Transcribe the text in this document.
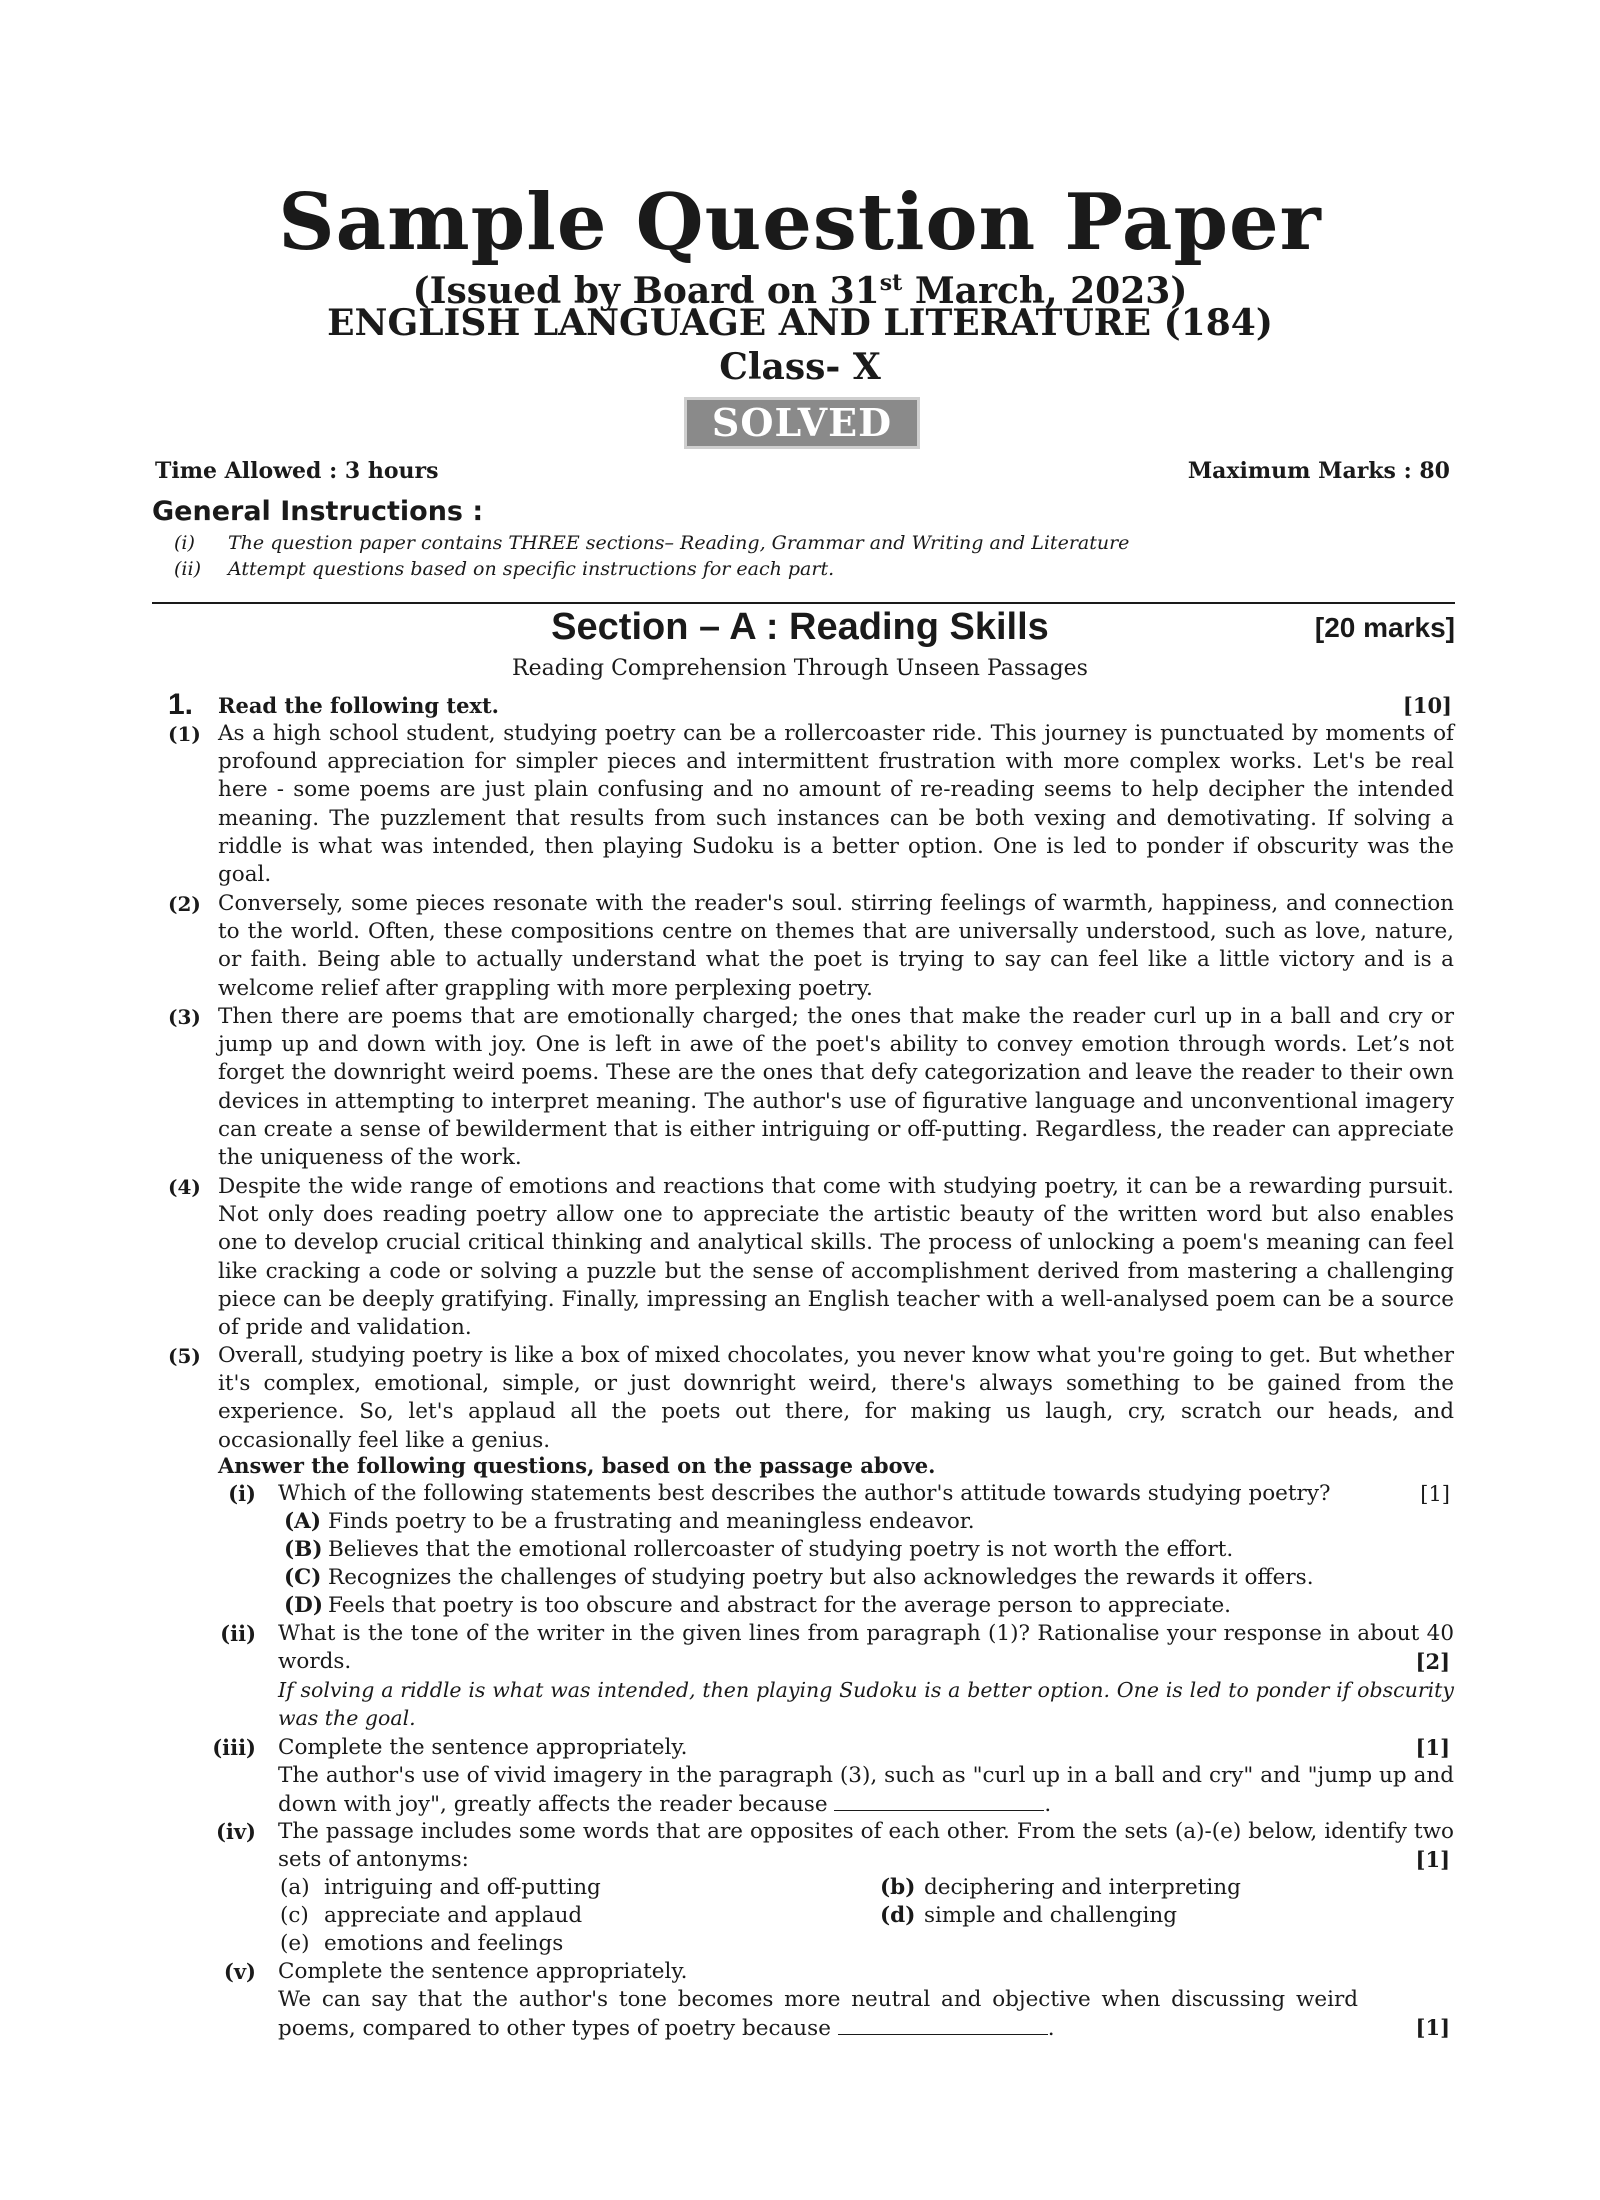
Sample Question Paper
(Issued by Board on 31st March, 2023)
ENGLISH LANGUAGE AND LITERATURE (184)
Class- X
SOLVED
Time Allowed : 3 hours	Maximum Marks : 80
General Instructions :
(i) The question paper contains THREE sections– Reading, Grammar and Writing and Literature
(ii) Attempt questions based on specific instructions for each part.
Section – A : Reading Skills	[20 marks]
Reading Comprehension Through Unseen Passages
1. Read the following text.	[10]
(1) As a high school student, studying poetry can be a rollercoaster ride. This journey is punctuated by moments of profound appreciation for simpler pieces and intermittent frustration with more complex works. Let's be real here - some poems are just plain confusing and no amount of re-reading seems to help decipher the intended meaning. The puzzlement that results from such instances can be both vexing and demotivating. If solving a riddle is what was intended, then playing Sudoku is a better option. One is led to ponder if obscurity was the goal.
(2) Conversely, some pieces resonate with the reader's soul. stirring feelings of warmth, happiness, and connection to the world. Often, these compositions centre on themes that are universally understood, such as love, nature, or faith. Being able to actually understand what the poet is trying to say can feel like a little victory and is a welcome relief after grappling with more perplexing poetry.
(3) Then there are poems that are emotionally charged; the ones that make the reader curl up in a ball and cry or jump up and down with joy. One is left in awe of the poet's ability to convey emotion through words. Let’s not forget the downright weird poems. These are the ones that defy categorization and leave the reader to their own devices in attempting to interpret meaning. The author's use of figurative language and unconventional imagery can create a sense of bewilderment that is either intriguing or off-putting. Regardless, the reader can appreciate the uniqueness of the work.
(4) Despite the wide range of emotions and reactions that come with studying poetry, it can be a rewarding pursuit. Not only does reading poetry allow one to appreciate the artistic beauty of the written word but also enables one to develop crucial critical thinking and analytical skills. The process of unlocking a poem's meaning can feel like cracking a code or solving a puzzle but the sense of accomplishment derived from mastering a challenging piece can be deeply gratifying. Finally, impressing an English teacher with a well-analysed poem can be a source of pride and validation.
(5) Overall, studying poetry is like a box of mixed chocolates, you never know what you're going to get. But whether it's complex, emotional, simple, or just downright weird, there's always something to be gained from the experience. So, let's applaud all the poets out there, for making us laugh, cry, scratch our heads, and occasionally feel like a genius.
Answer the following questions, based on the passage above.
(i) Which of the following statements best describes the author's attitude towards studying poetry?	[1]
(A) Finds poetry to be a frustrating and meaningless endeavor.
(B) Believes that the emotional rollercoaster of studying poetry is not worth the effort.
(C) Recognizes the challenges of studying poetry but also acknowledges the rewards it offers.
(D) Feels that poetry is too obscure and abstract for the average person to appreciate.
(ii) What is the tone of the writer in the given lines from paragraph (1)? Rationalise your response in about 40 words.	[2]
If solving a riddle is what was intended, then playing Sudoku is a better option. One is led to ponder if obscurity was the goal.
(iii) Complete the sentence appropriately.	[1]
The author's use of vivid imagery in the paragraph (3), such as "curl up in a ball and cry" and "jump up and down with joy", greatly affects the reader because	.
(iv) The passage includes some words that are opposites of each other. From the sets (a)-(e) below, identify two sets of antonyms:	[1]
(a) intriguing and off-putting	(b) deciphering and interpreting
(c) appreciate and applaud	(d) simple and challenging
(e) emotions and feelings
(v) Complete the sentence appropriately.
We can say that the author's tone becomes more neutral and objective when discussing weird poems, compared to other types of poetry because	.	[1]
